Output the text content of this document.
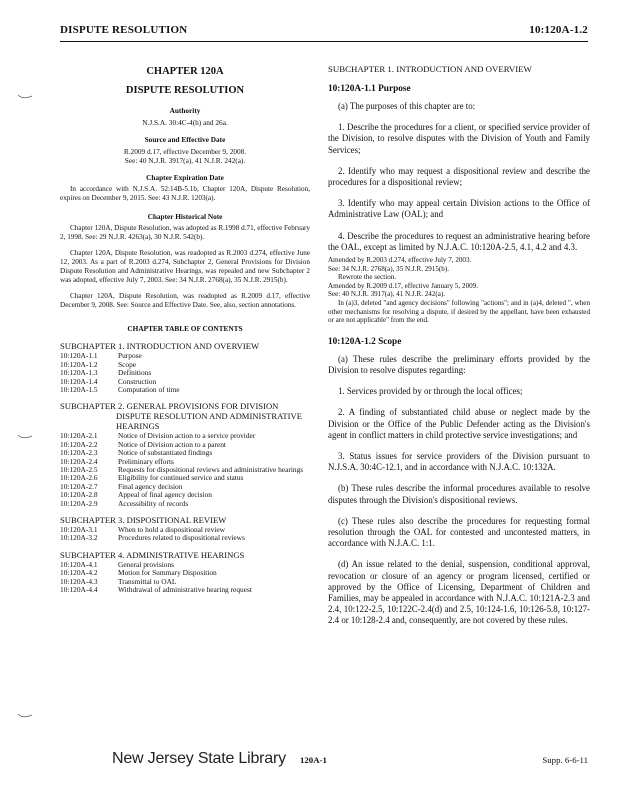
DISPUTE RESOLUTION	10:120A-1.2
CHAPTER 120A
DISPUTE RESOLUTION
Authority
N.J.S.A. 30:4C-4(h) and 26a.
Source and Effective Date
R.2009 d.17, effective December 9, 2008.
See: 40 N.J.R. 3917(a), 41 N.J.R. 242(a).
Chapter Expiration Date
In accordance with N.J.S.A. 52:14B-5.1b, Chapter 120A, Dispute Resolution, expires on December 9, 2015. See: 43 N.J.R. 1203(a).
Chapter Historical Note
Chapter 120A, Dispute Resolution, was adopted as R.1998 d.71, effective February 2, 1998. See: 29 N.J.R. 4263(a), 30 N.J.R. 542(b).
Chapter 120A, Dispute Resolution, was readopted as R.2003 d.274, effective June 12, 2003. As a part of R.2003 d.274, Subchapter 2, General Provisions for Division Dispute Resolution and Administrative Hearings, was repealed and new Subchapter 2 was adopted, effective July 7, 2003. See: 34 N.J.R. 2768(a), 35 N.J.R. 2915(b).
Chapter 120A, Dispute Resolution, was readopted as R.2009 d.17, effective December 9, 2008. See: Source and Effective Date. See, also, section annotations.
CHAPTER TABLE OF CONTENTS
SUBCHAPTER 1. INTRODUCTION AND OVERVIEW
10:120A-1.1	Purpose
10:120A-1.2	Scope
10:120A-1.3	Definitions
10:120A-1.4	Construction
10:120A-1.5	Computation of time
SUBCHAPTER 2. GENERAL PROVISIONS FOR DIVISION DISPUTE RESOLUTION AND ADMINISTRATIVE HEARINGS
10:120A-2.1	Notice of Division action to a service provider
10:120A-2.2	Notice of Division action to a parent
10:120A-2.3	Notice of substantiated findings
10:120A-2.4	Preliminary efforts
10:120A-2.5	Requests for dispositional reviews and administrative hearings
10:120A-2.6	Eligibility for continued service and status
10:120A-2.7	Final agency decision
10:120A-2.8	Appeal of final agency decision
10:120A-2.9	Accessibility of records
SUBCHAPTER 3. DISPOSITIONAL REVIEW
10:120A-3.1	When to hold a dispositional review
10:120A-3.2	Procedures related to dispositional reviews
SUBCHAPTER 4. ADMINISTRATIVE HEARINGS
10:120A-4.1	General provisions
10:120A-4.2	Motion for Summary Disposition
10:120A-4.3	Transmittal to OAL
10:120A-4.4	Withdrawal of administrative hearing request
SUBCHAPTER 1. INTRODUCTION AND OVERVIEW
10:120A-1.1 Purpose
(a) The purposes of this chapter are to:
1. Describe the procedures for a client, or specified service provider of the Division, to resolve disputes with the Division of Youth and Family Services;
2. Identify who may request a dispositional review and describe the procedures for a dispositional review;
3. Identify who may appeal certain Division actions to the Office of Administrative Law (OAL); and
4. Describe the procedures to request an administrative hearing before the OAL, except as limited by N.J.A.C. 10:120A-2.5, 4.1, 4.2 and 4.3.
Amended by R.2003 d.274, effective July 7, 2003.
See: 34 N.J.R. 2768(a), 35 N.J.R. 2915(b).
Rewrote the section.
Amended by R.2009 d.17, effective January 5, 2009.
See: 40 N.J.R. 3917(a), 41 N.J.R. 242(a).
In (a)3, deleted "and agency decisions" following "actions"; and in (a)4, deleted ", when other mechanisms for resolving a dispute, if desired by the appellant, have been exhausted or are not applicable" from the end.
10:120A-1.2 Scope
(a) These rules describe the preliminary efforts provided by the Division to resolve disputes regarding:
1. Services provided by or through the local offices;
2. A finding of substantiated child abuse or neglect made by the Division or the Office of the Public Defender acting as the Division's agent in conflict matters in child protective service investigations; and
3. Status issues for service providers of the Division pursuant to N.J.S.A. 30:4C-12.1, and in accordance with N.J.A.C. 10:132A.
(b) These rules describe the informal procedures available to resolve disputes through the Division's dispositional reviews.
(c) These rules also describe the procedures for requesting formal resolution through the OAL for contested and uncontested matters, in accordance with N.J.A.C. 1:1.
(d) An issue related to the denial, suspension, conditional approval, revocation or closure of an agency or program licensed, certified or approved by the Office of Licensing, Department of Children and Families, may be appealed in accordance with N.J.A.C. 10:121A-2.3 and 2.4, 10:122-2.5, 10:122C-2.4(d) and 2.5, 10:124-1.6, 10:126-5.8, 10:127-2.4 or 10:128-2.4 and, consequently, are not covered by these rules.
New Jersey State Library 120A-1	Supp. 6-6-11
